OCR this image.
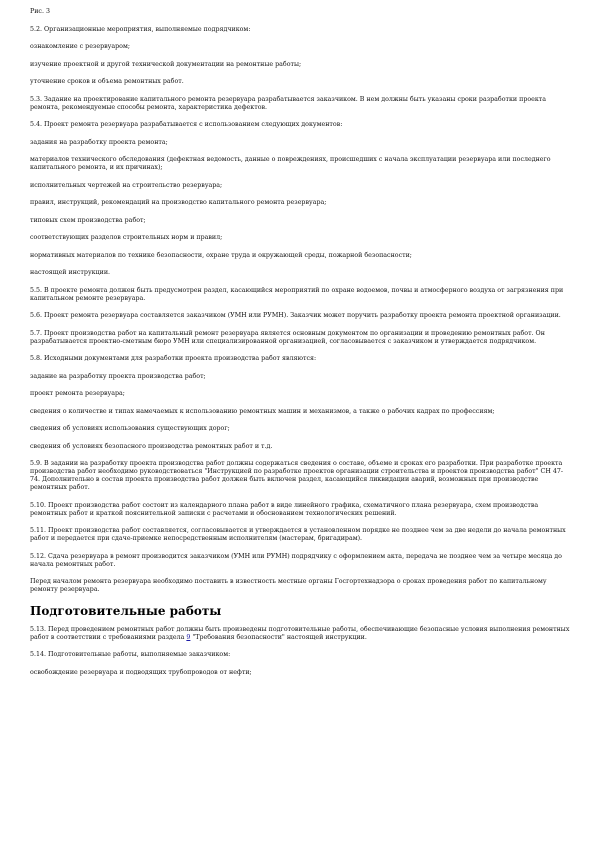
Рис. 3

5.2. Организационные мероприятия, выполняемые подрядчиком:

ознакомление с резервуаром;

изучение проектной и другой технической документации на ремонтные работы;

уточнение сроков и объема ремонтных работ.

5.3. Задание на проектирование капитального ремонта резервуара разрабатывается заказчиком. В нем должны быть указаны сроки разработки проекта ремонта, рекомендуемые способы ремонта, характеристика дефектов.

5.4. Проект ремонта резервуара разрабатывается с использованием следующих документов:

задания на разработку проекта ремонта;

материалов технического обследования (дефектная ведомость, данные о повреждениях, происшедших с начала эксплуатации резервуара или последнего капитального ремонта, и их причинах);

исполнительных чертежей на строительство резервуара;

правил, инструкций, рекомендаций на производство капитального ремонта резервуара;

типовых схем производства работ;

соответствующих разделов строительных норм и правил;

нормативных материалов по технике безопасности, охране труда и окружающей среды, пожарной безопасности;

настоящей инструкции.

5.5. В проекте ремонта должен быть предусмотрен раздел, касающийся мероприятий по охране водоемов, почвы и атмосферного воздуха от загрязнения при капитальном ремонте резервуара.

5.6. Проект ремонта резервуара составляется заказчиком (УМН или РУМН). Заказчик может поручить разработку проекта ремонта проектной организации.

5.7. Проект производства работ на капитальный ремонт резервуара является основным документом по организации и проведению ремонтных работ. Он разрабатывается проектно-сметным бюро УМН или специализированной организацией, согласовывается с заказчиком и утверждается подрядчиком.

5.8. Исходными документами для разработки проекта производства работ являются:

задание на разработку проекта производства работ;

проект ремонта резервуара;

сведения о количестве и типах намечаемых к использованию ремонтных машин и механизмов, а также о рабочих кадрах по профессиям;

сведения об условиях использования существующих дорог;

сведения об условиях безопасного производства ремонтных работ и т.д.

5.9. В задании на разработку проекта производства работ должны содержаться сведения о составе, объеме и сроках его разработки. При разработке проекта производства работ необходимо руководствоваться "Инструкцией по разработке проектов организации строительства и проектов производства работ" СН 47-74. Дополнительно в состав проекта производства работ должен быть включен раздел, касающийся ликвидации аварий, возможных при производстве ремонтных работ.

5.10. Проект производства работ состоит из календарного плана работ в виде линейного графика, схематичного плана резервуара, схем производства ремонтных работ и краткой пояснительной записки с расчетами и обоснованием технологических решений.

5.11. Проект производства работ составляется, согласовывается и утверждается в установленном порядке не позднее чем за две недели до начала ремонтных работ и передается при сдаче-приемке непосредственным исполнителям (мастерам, бригадирам).

5.12. Сдача резервуара в ремонт производится заказчиком (УМН или РУМН) подрядчику с оформлением акта, передача не позднее чем за четыре месяца до начала ремонтных работ.

Перед началом ремонта резервуара необходимо поставить в известность местные органы Госгортехнадзора о сроках проведения работ по капитальному ремонту резервуара.

Подготовительные работы

5.13. Перед проведением ремонтных работ должны быть произведены подготовительные работы, обеспечивающие безопасные условия выполнения ремонтных работ в соответствии с требованиями раздела 9 "Требования безопасности" настоящей инструкции.

5.14. Подготовительные работы, выполняемые заказчиком:

освобождение резервуара и подводящих трубопроводов от нефти;
